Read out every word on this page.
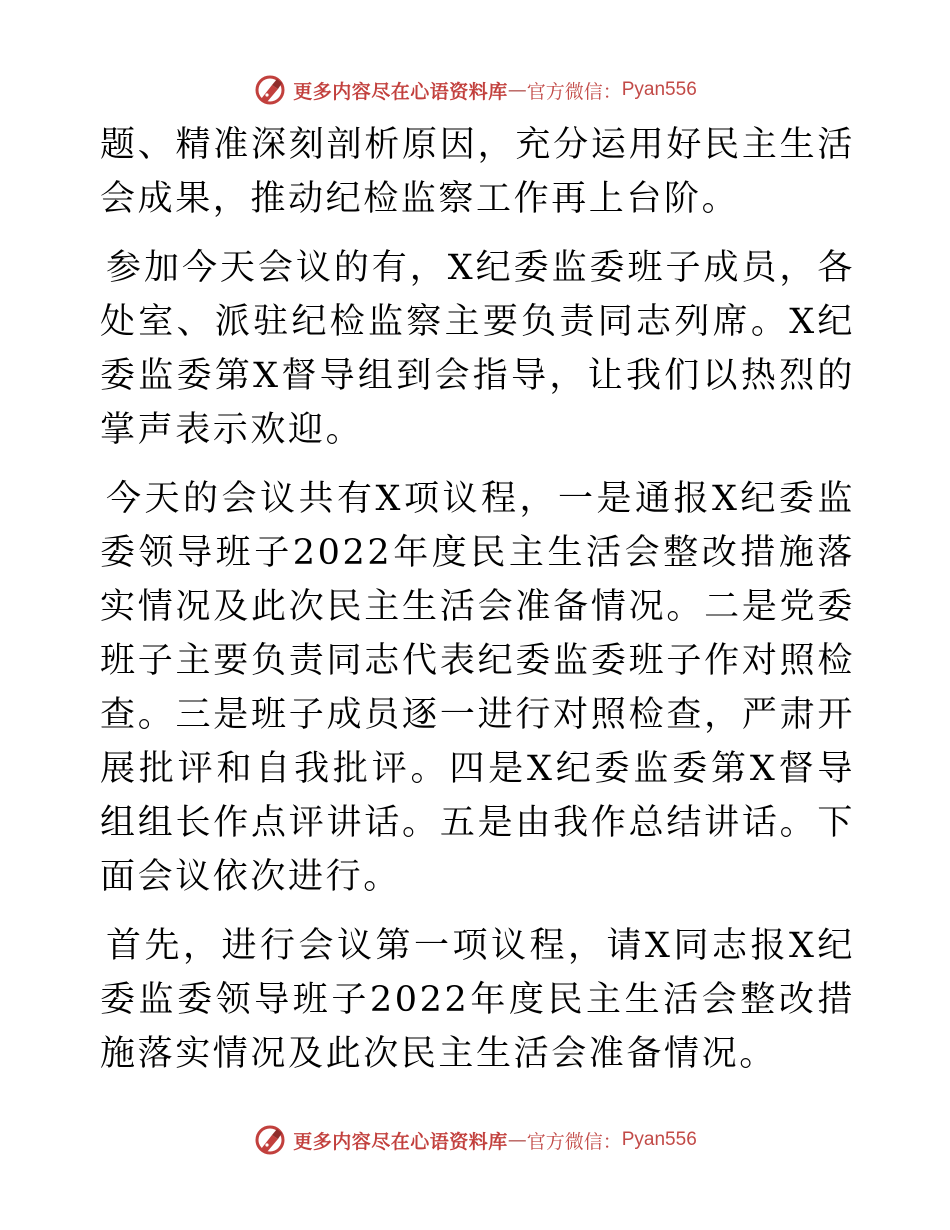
更多内容尽在心语资料库 — 官方微信： Pyan556

题、精准深刻剖析原因，充分运用好民主生活会成果，推动纪检监察工作再上台阶。

参加今天会议的有，X纪委监委班子成员，各处室、派驻纪检监察主要负责同志列席。X纪委监委第X督导组到会指导，让我们以热烈的掌声表示欢迎。

今天的会议共有X项议程，一是通报X纪委监委领导班子2022年度民主生活会整改措施落实情况及此次民主生活会准备情况。二是党委班子主要负责同志代表纪委监委班子作对照检查。三是班子成员逐一进行对照检查，严肃开展批评和自我批评。四是X纪委监委第X督导组组长作点评讲话。五是由我作总结讲话。下面会议依次进行。

首先，进行会议第一项议程，请X同志报X纪委监委领导班子2022年度民主生活会整改措施落实情况及此次民主生活会准备情况。

更多内容尽在心语资料库 — 官方微信： Pyan556
